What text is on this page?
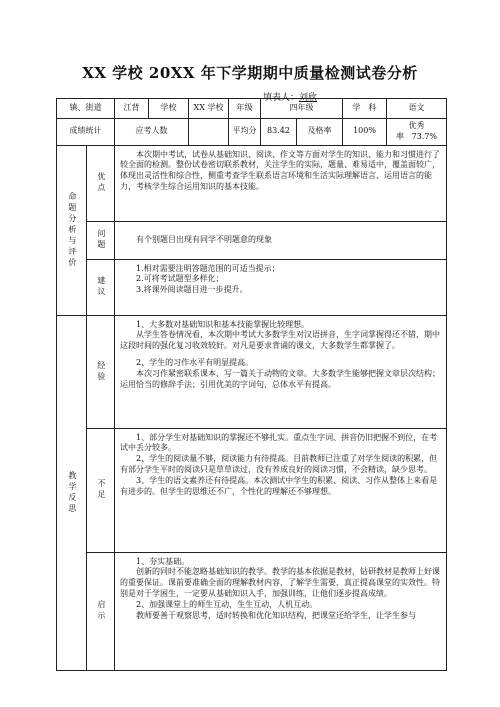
XX 学校 20XX 年下学期期中质量检测试卷分析
填表人：刘欣
镇、街道		江背	学校	XX 学校	年级	四年级		学　科	语文
成绩统计		应考人数			平均分	83.42	及格率	100%	优秀率 73.7%

命题分析与评价	优点	本次期中考试，试卷从基础知识、阅读、作文等方面对学生的知识、能力和习惯进行了较全面的检测。整份试卷密切联系教材，关注学生的实际，题量、难易适中，覆盖面较广，体现出灵活性和综合性，侧重考查学生联系语言环境和生活实际理解语言、运用语言的能力，考核学生综合运用知识的基本技能。							

	问题	有个别题目出现有同学不明题意的现象							

	建议	1.相对需要注明答题范围的可适当提示；

2.可将考试题型多样化；

3.将课外阅读题目进一步提升。							

教学反思	经验	1、大多数对基础知识和基本技能掌握比较理想。

从学生答卷情况看，本次期中考试大多数学生对汉语拼音，生字词掌握得还不错，期中这段时间的强化复习收效较好。对凡是要求背诵的课文，大多数学生都掌握了。

2、学生的习作水平有明显提高。

本次习作紧密联系课本，写一篇关于动物的文章。大多数学生能够把握文章层次结构；运用恰当的修辞手法；引用优美的字词句，总体水平有提高。							

	不足	1、部分学生对基础知识的掌握还不够扎实。重点生字词、拼音仍旧把握不到位，在考试中丢分较多。

2、学生的阅读量不够，阅读能力有待提高。目前教师已注重了对学生阅读的积累，但有部分学生平时的阅读只是草草读过，没有养成良好的阅读习惯，不会精读，缺少思考。

3、学生的语文素养还有待提高。本次测试中学生的积累、阅读、习作从整体上来看是有进步的。但学生的思维还不广，个性化的理解还不够理想。							

	启示	1、夯实基础。

创新的同时不能忽略基础知识的教学。教学的基本依据是教材，钻研教材是教师上好课的重要保证。课前要准确全面的理解教材内容，了解学生需要，真正提高课堂的实效性。特别是对于学困生，一定要从基础知识入手，加强训练，让他们逐步提高成绩。

2、加强课堂上的师生互动，生生互动，人机互动。

教师要善于观察思考，适时转换和优化知识结构，把课堂还给学生，让学生参与							
